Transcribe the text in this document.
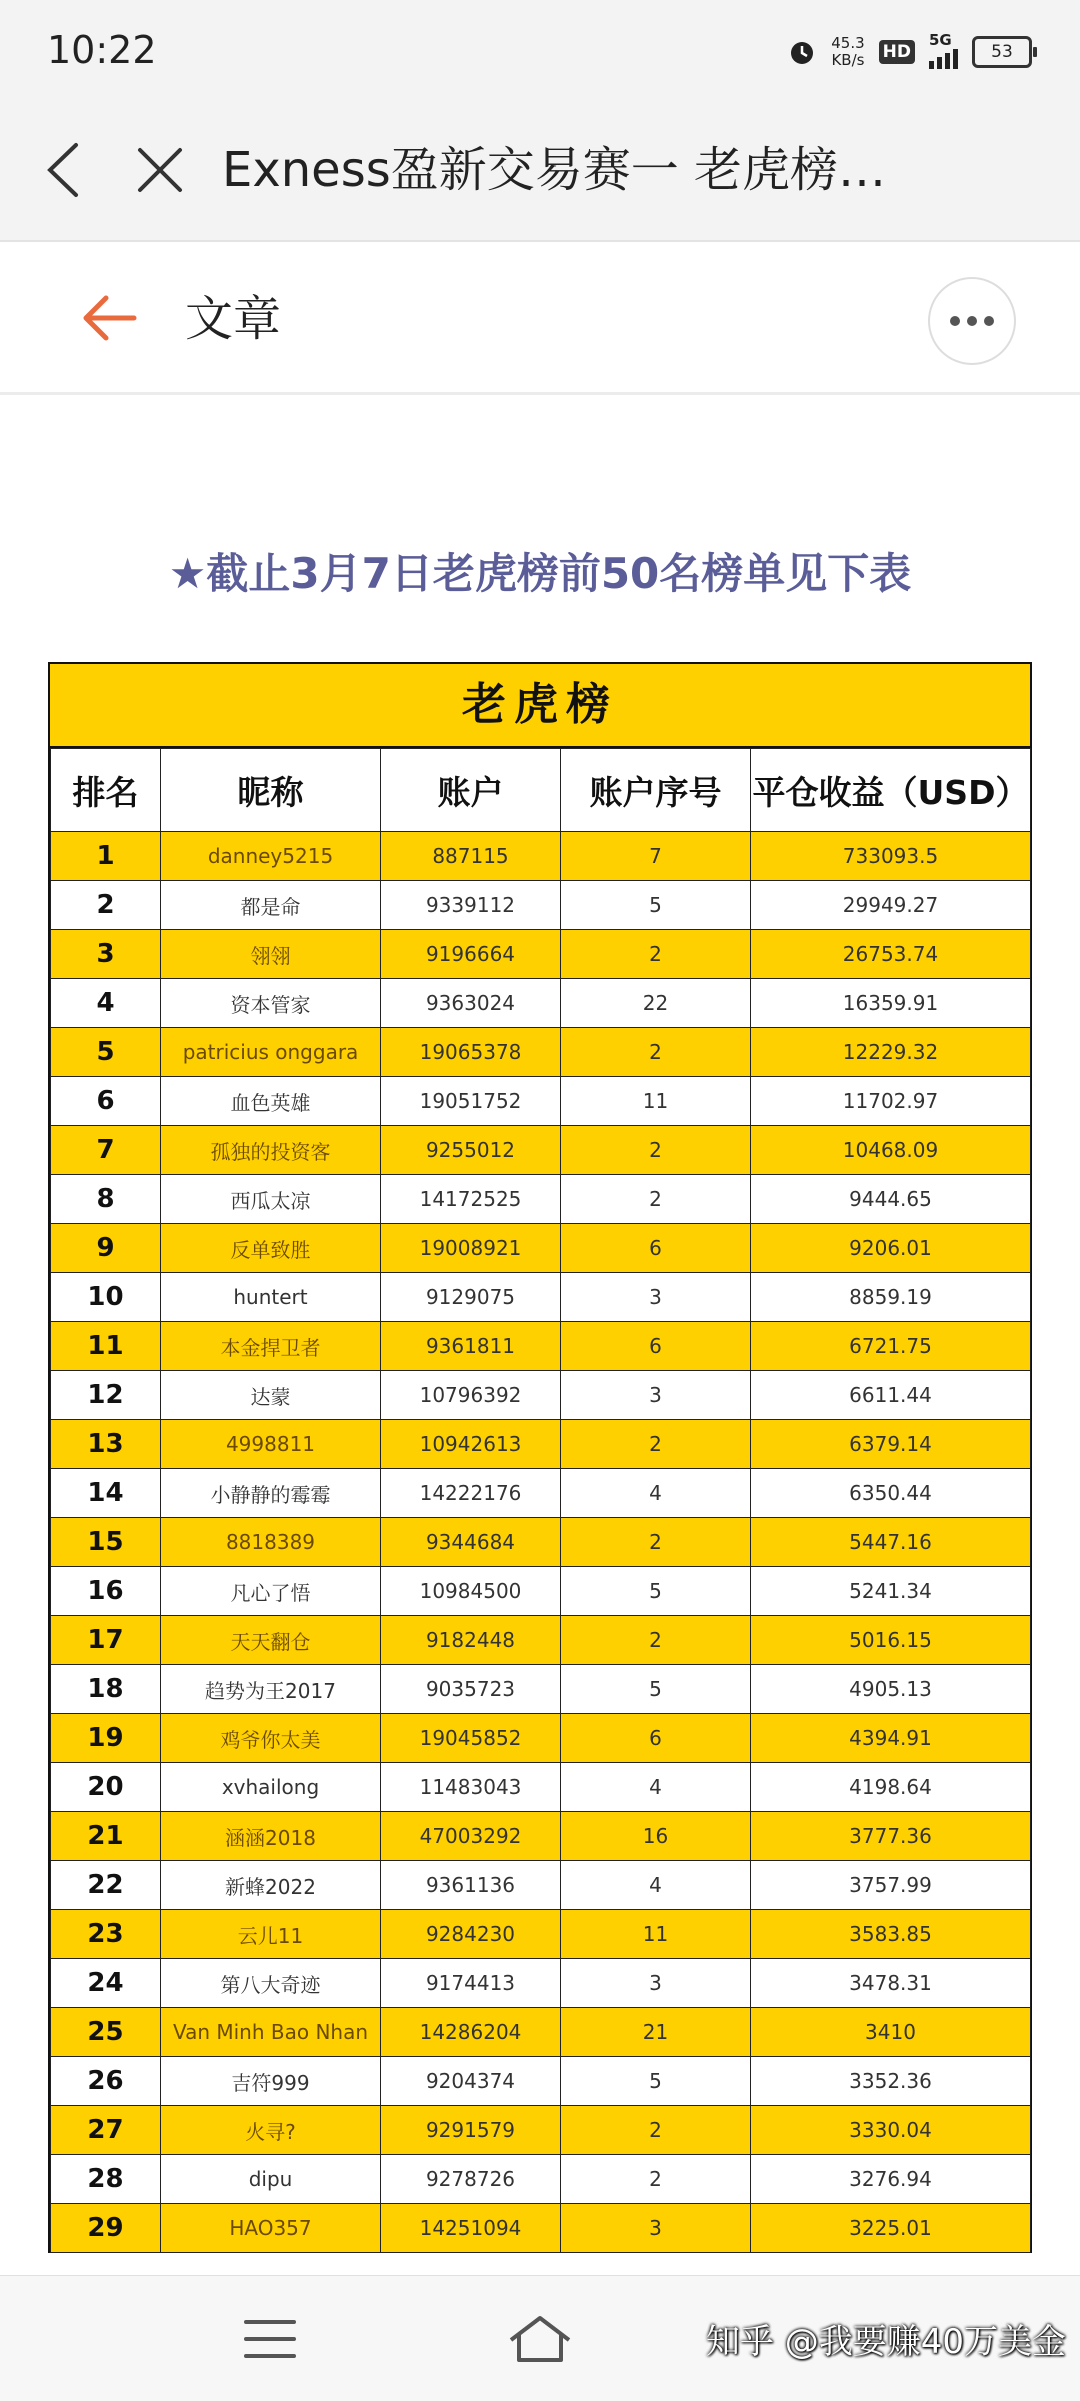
10:22	45.3
KB/s HD
5G
53
Exness盈新交易赛一 老虎榜…
文章
★截止3月7日老虎榜前50名榜单见下表
老虎榜
排名	昵称	账户	账户序号	平仓收益（USD）
1	danney5215	887115	7	733093.5
2	都是命	9339112	5	29949.27
3	翎翎	9196664	2	26753.74
4	资本管家	9363024	22	16359.91
5	patricius onggara	19065378	2	12229.32
6	血色英雄	19051752	11	11702.97
7	孤独的投资客	9255012	2	10468.09
8	西瓜太凉	14172525	2	9444.65
9	反单致胜	19008921	6	9206.01
10	huntert	9129075	3	8859.19
11	本金捍卫者	9361811	6	6721.75
12	达蒙	10796392	3	6611.44
13	4998811	10942613	2	6379.14
14	小静静的霉霉	14222176	4	6350.44
15	8818389	9344684	2	5447.16
16	凡心了悟	10984500	5	5241.34
17	天天翻仓	9182448	2	5016.15
18	趋势为王2017	9035723	5	4905.13
19	鸡爷你太美	19045852	6	4394.91
20	xvhailong	11483043	4	4198.64
21	涵涵2018	47003292	16	3777.36
22	新蜂2022	9361136	4	3757.99
23	云儿11	9284230	11	3583.85
24	第八大奇迹	9174413	3	3478.31
25	Van Minh Bao Nhan	14286204	21	3410
26	吉符999	9204374	5	3352.36
27	火寻?	9291579	2	3330.04
28	dipu	9278726	2	3276.94
29	HAO357	14251094	3	3225.01
知乎 @我要赚40万美金
